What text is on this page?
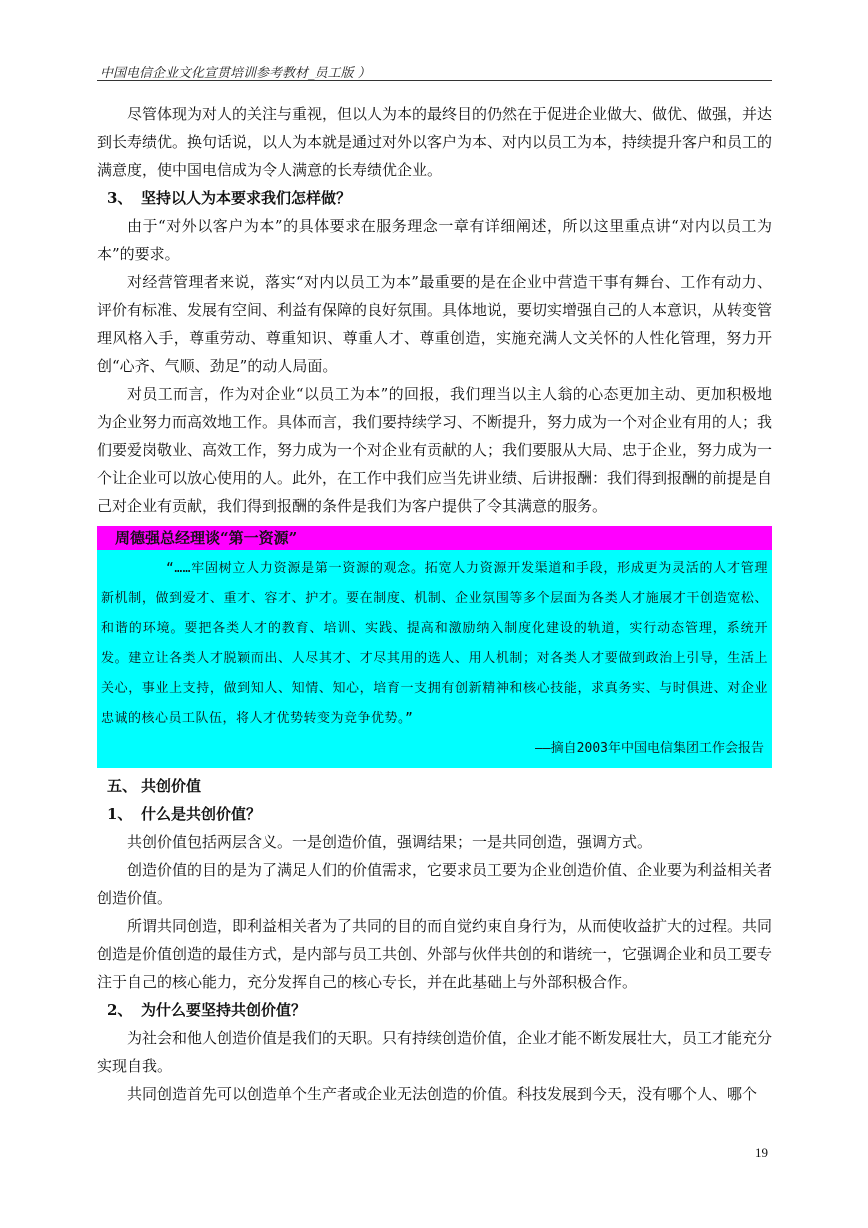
中国电信企业文化宣贯培训参考教材_员工版 ）

尽管体现为对人的关注与重视，但以人为本的最终目的仍然在于促进企业做大、做优、做强，并达到长寿绩优。换句话说，以人为本就是通过对外以客户为本、对内以员工为本，持续提升客户和员工的满意度，使中国电信成为令人满意的长寿绩优企业。

3、 坚持以人为本要求我们怎样做？

由于“对外以客户为本”的具体要求在服务理念一章有详细阐述，所以这里重点讲“对内以员工为本”的要求。

对经营管理者来说，落实“对内以员工为本”最重要的是在企业中营造干事有舞台、工作有动力、评价有标准、发展有空间、利益有保障的良好氛围。具体地说，要切实增强自己的人本意识，从转变管理风格入手，尊重劳动、尊重知识、尊重人才、尊重创造，实施充满人文关怀的人性化管理，努力开创“心齐、气顺、劲足”的动人局面。

对员工而言，作为对企业“以员工为本”的回报，我们理当以主人翁的心态更加主动、更加积极地为企业努力而高效地工作。具体而言，我们要持续学习、不断提升，努力成为一个对企业有用的人；我们要爱岗敬业、高效工作，努力成为一个对企业有贡献的人；我们要服从大局、忠于企业，努力成为一个让企业可以放心使用的人。此外，在工作中我们应当先讲业绩、后讲报酬：我们得到报酬的前提是自己对企业有贡献，我们得到报酬的条件是我们为客户提供了令其满意的服务。

周德强总经理谈“第一资源”

“……牢固树立人力资源是第一资源的观念。拓宽人力资源开发渠道和手段，形成更为灵活的人才管理新机制，做到爱才、重才、容才、护才。要在制度、机制、企业氛围等多个层面为各类人才施展才干创造宽松、和谐的环境。要把各类人才的教育、培训、实践、提高和激励纳入制度化建设的轨道，实行动态管理，系统开发。建立让各类人才脱颖而出、人尽其才、才尽其用的选人、用人机制；对各类人才要做到政治上引导，生活上关心，事业上支持，做到知人、知情、知心，培育一支拥有创新精神和核心技能，求真务实、与时俱进、对企业忠诚的核心员工队伍，将人才优势转变为竞争优势。”

——摘自2003年中国电信集团工作会报告

五、 共创价值

1、 什么是共创价值？

共创价值包括两层含义。一是创造价值，强调结果；一是共同创造，强调方式。

创造价值的目的是为了满足人们的价值需求，它要求员工要为企业创造价值、企业要为利益相关者创造价值。

所谓共同创造，即利益相关者为了共同的目的而自觉约束自身行为，从而使收益扩大的过程。共同创造是价值创造的最佳方式，是内部与员工共创、外部与伙伴共创的和谐统一，它强调企业和员工要专注于自己的核心能力，充分发挥自己的核心专长，并在此基础上与外部积极合作。

2、 为什么要坚持共创价值？

为社会和他人创造价值是我们的天职。只有持续创造价值，企业才能不断发展壮大，员工才能充分实现自我。

共同创造首先可以创造单个生产者或企业无法创造的价值。科技发展到今天，没有哪个人、哪个

19
